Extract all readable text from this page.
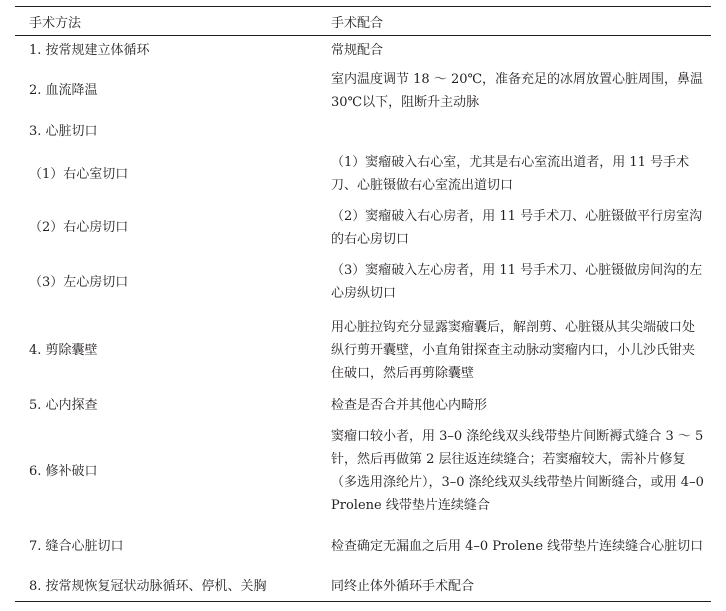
手术方法	手术配合
1. 按常规建立体循环	常规配合
2. 血流降温	室内温度调节 18 ～ 20℃，准备充足的冰屑放置心脏周围，鼻温 30℃以下，阻断升主动脉
3. 心脏切口	
（1）右心室切口	（1）窦瘤破入右心室，尤其是右心室流出道者，用 11 号手术刀、心脏镊做右心室流出道切口
（2）右心房切口	（2）窦瘤破入右心房者，用 11 号手术刀、心脏镊做平行房室沟的右心房切口
（3）左心房切口	（3）窦瘤破入左心房者，用 11 号手术刀、心脏镊做房间沟的左心房纵切口
4. 剪除囊壁	用心脏拉钩充分显露窦瘤囊后，解剖剪、心脏镊从其尖端破口处纵行剪开囊壁，小直角钳探查主动脉动窦瘤内口，小儿沙氏钳夹住破口，然后再剪除囊壁
5. 心内探查	检查是否合并其他心内畸形
6. 修补破口	窦瘤口较小者，用 3–0 涤纶线双头线带垫片间断褥式缝合 3 ～ 5 针，然后再做第 2 层往返连续缝合；若窦瘤较大，需补片修复（多选用涤纶片），3–0 涤纶线双头线带垫片间断缝合，或用 4–0 Prolene 线带垫片连续缝合
7. 缝合心脏切口	检查确定无漏血之后用 4–0 Prolene 线带垫片连续缝合心脏切口
8. 按常规恢复冠状动脉循环、停机、关胸	同终止体外循环手术配合
